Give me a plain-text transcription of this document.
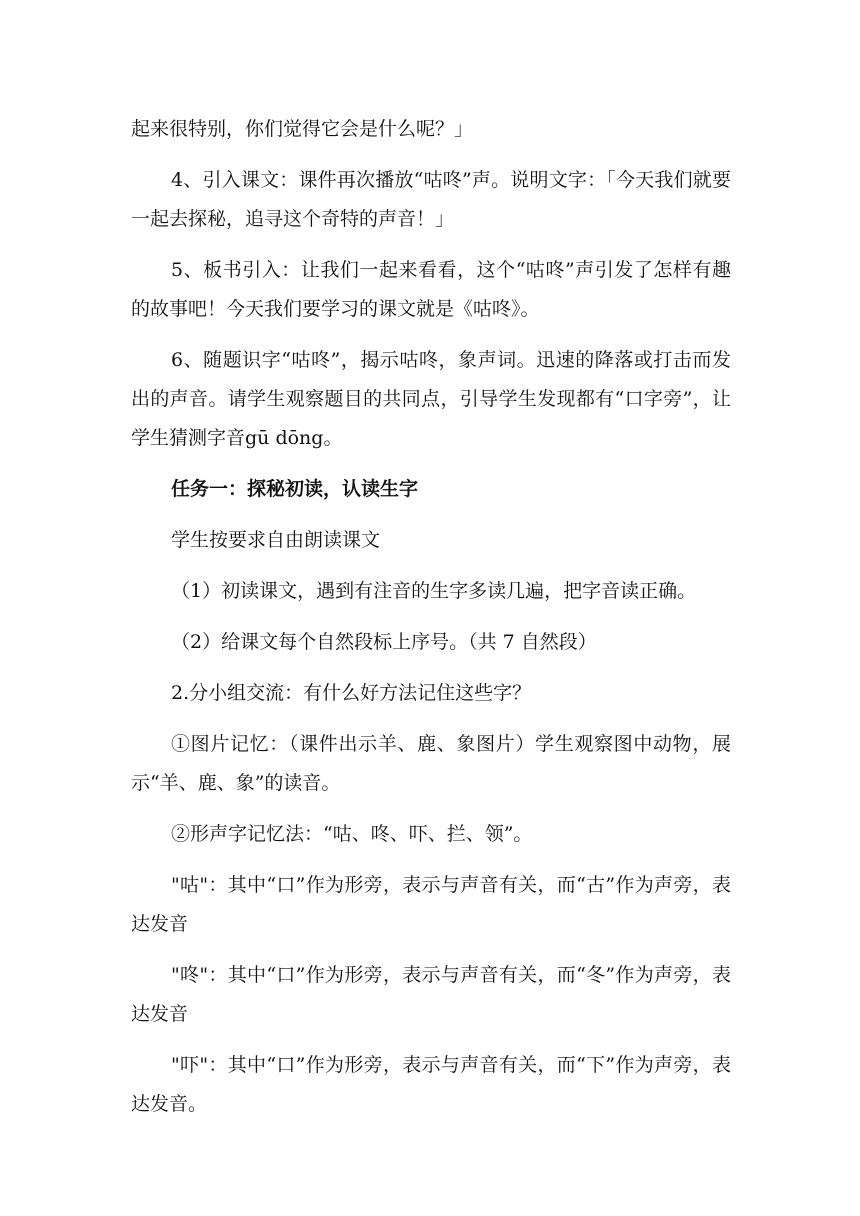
起来很特别，你们觉得它会是什么呢？」

4、引入课文：课件再次播放“咕咚”声。说明文字：「今天我们就要一起去探秘，追寻这个奇特的声音！」

5、板书引入：让我们一起来看看，这个“咕咚”声引发了怎样有趣的故事吧！今天我们要学习的课文就是《咕咚》。

6、随题识字“咕咚”，揭示咕咚，象声词。迅速的降落或打击而发出的声音。请学生观察题目的共同点，引导学生发现都有“口字旁”，让学生猜测字音gū dōng。

任务一：探秘初读，认读生字

学生按要求自由朗读课文

（1）初读课文，遇到有注音的生字多读几遍，把字音读正确。

（2）给课文每个自然段标上序号。（共 7 自然段）

2.分小组交流：有什么好方法记住这些字？

①图片记忆：（课件出示羊、鹿、象图片）学生观察图中动物，展示“羊、鹿、象”的读音。

②形声字记忆法：“咕、咚、吓、拦、领”。

"咕"：其中“口”作为形旁，表示与声音有关，而“古”作为声旁，表达发音

"咚"：其中“口”作为形旁，表示与声音有关，而“冬”作为声旁，表达发音

"吓"：其中“口”作为形旁，表示与声音有关，而“下”作为声旁，表达发音。
